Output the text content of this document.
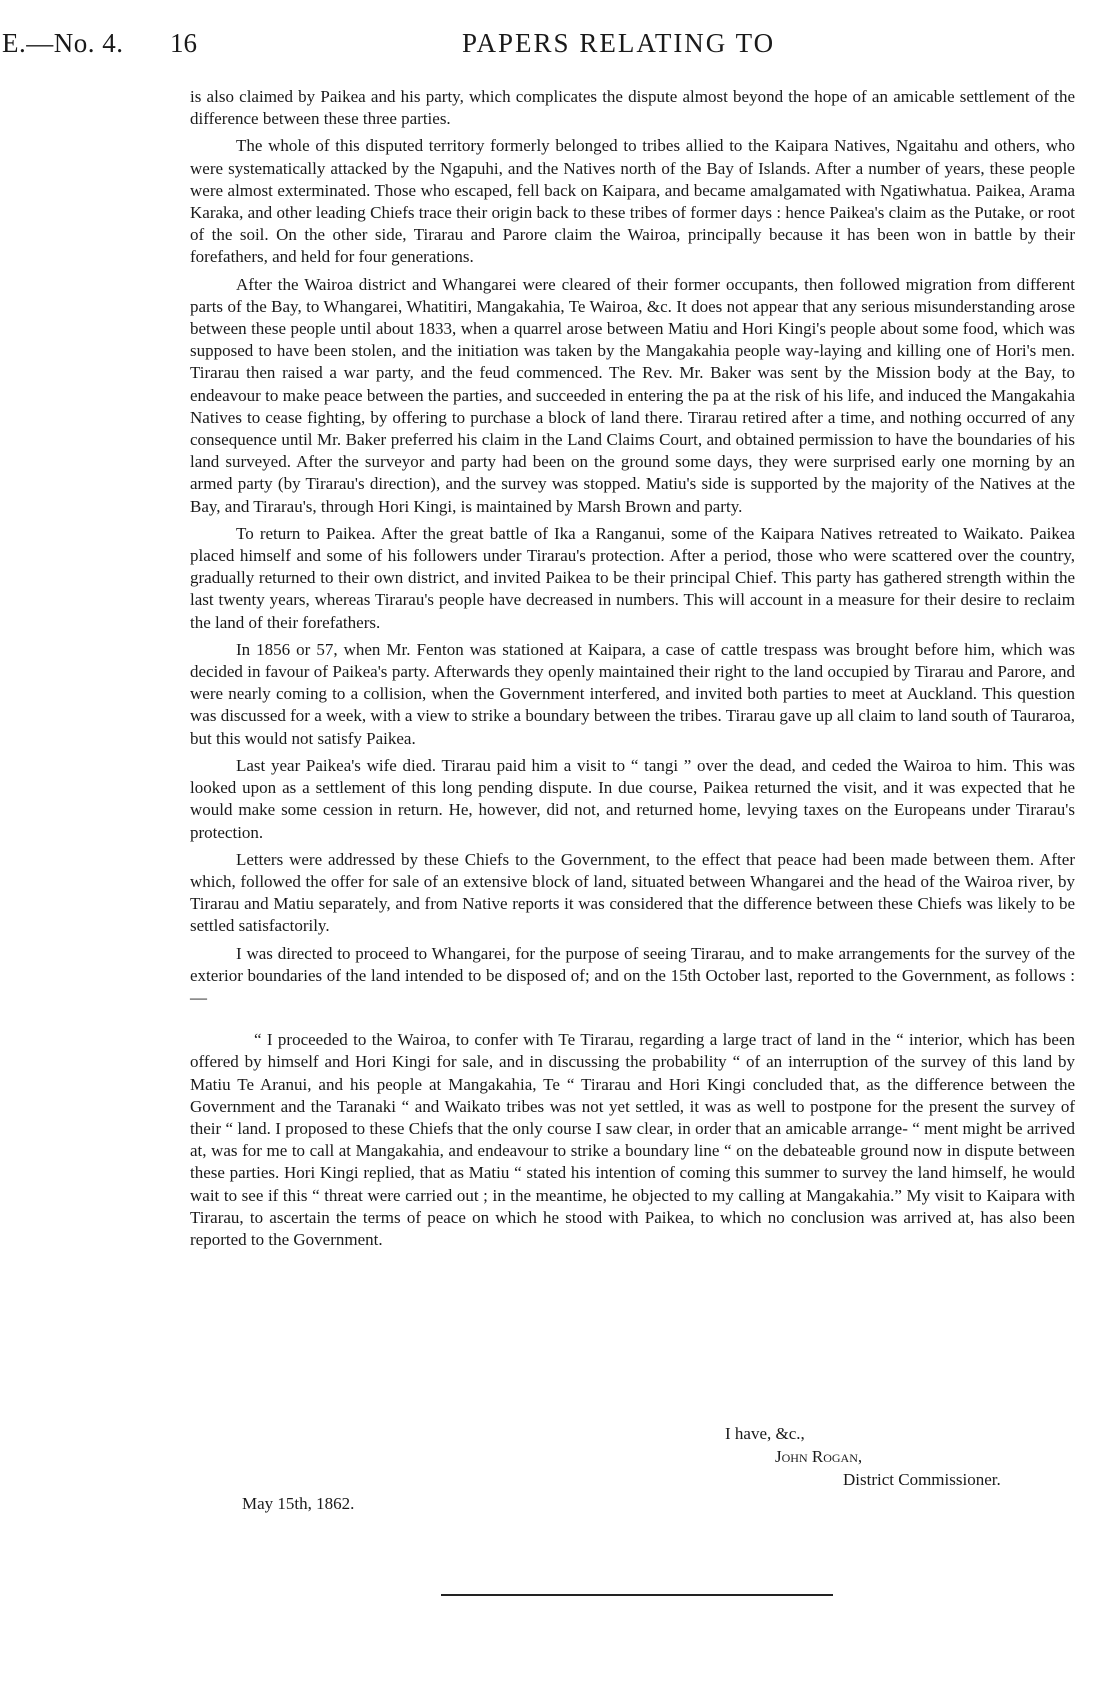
E.—No. 4. 16	PAPERS RELATING TO

is also claimed by Paikea and his party, which complicates the dispute almost beyond the hope of an amicable settlement of the difference between these three parties.

The whole of this disputed territory formerly belonged to tribes allied to the Kaipara Natives, Ngaitahu and others, who were systematically attacked by the Ngapuhi, and the Natives north of the Bay of Islands. After a number of years, these people were almost exterminated. Those who escaped, fell back on Kaipara, and became amalgamated with Ngatiwhatua. Paikea, Arama Karaka, and other leading Chiefs trace their origin back to these tribes of former days : hence Paikea's claim as the Putake, or root of the soil. On the other side, Tirarau and Parore claim the Wairoa, principally because it has been won in battle by their forefathers, and held for four generations.

After the Wairoa district and Whangarei were cleared of their former occupants, then followed migration from different parts of the Bay, to Whangarei, Whatitiri, Mangakahia, Te Wairoa, &c. It does not appear that any serious misunderstanding arose between these people until about 1833, when a quarrel arose between Matiu and Hori Kingi's people about some food, which was supposed to have been stolen, and the initiation was taken by the Mangakahia people way-laying and killing one of Hori's men. Tirarau then raised a war party, and the feud commenced. The Rev. Mr. Baker was sent by the Mission body at the Bay, to endeavour to make peace between the parties, and succeeded in entering the pa at the risk of his life, and induced the Mangakahia Natives to cease fighting, by offering to purchase a block of land there. Tirarau retired after a time, and nothing occurred of any consequence until Mr. Baker preferred his claim in the Land Claims Court, and obtained permission to have the boundaries of his land surveyed. After the surveyor and party had been on the ground some days, they were surprised early one morning by an armed party (by Tirarau's direction), and the survey was stopped. Matiu's side is supported by the majority of the Natives at the Bay, and Tirarau's, through Hori Kingi, is maintained by Marsh Brown and party.

To return to Paikea. After the great battle of Ika a Ranganui, some of the Kaipara Natives retreated to Waikato. Paikea placed himself and some of his followers under Tirarau's protection. After a period, those who were scattered over the country, gradually returned to their own district, and invited Paikea to be their principal Chief. This party has gathered strength within the last twenty years, whereas Tirarau's people have decreased in numbers. This will account in a measure for their desire to reclaim the land of their forefathers.

In 1856 or 57, when Mr. Fenton was stationed at Kaipara, a case of cattle trespass was brought before him, which was decided in favour of Paikea's party. Afterwards they openly maintained their right to the land occupied by Tirarau and Parore, and were nearly coming to a collision, when the Government interfered, and invited both parties to meet at Auckland. This question was discussed for a week, with a view to strike a boundary between the tribes. Tirarau gave up all claim to land south of Tauraroa, but this would not satisfy Paikea.

Last year Paikea's wife died. Tirarau paid him a visit to “ tangi ” over the dead, and ceded the Wairoa to him. This was looked upon as a settlement of this long pending dispute. In due course, Paikea returned the visit, and it was expected that he would make some cession in return. He, however, did not, and returned home, levying taxes on the Europeans under Tirarau's protection.

Letters were addressed by these Chiefs to the Government, to the effect that peace had been made between them. After which, followed the offer for sale of an extensive block of land, situated between Whangarei and the head of the Wairoa river, by Tirarau and Matiu separately, and from Native reports it was considered that the difference between these Chiefs was likely to be settled satisfactorily.

I was directed to proceed to Whangarei, for the purpose of seeing Tirarau, and to make arrangements for the survey of the exterior boundaries of the land intended to be disposed of; and on the 15th October last, reported to the Government, as follows :—

“ I proceeded to the Wairoa, to confer with Te Tirarau, regarding a large tract of land in the “ interior, which has been offered by himself and Hori Kingi for sale, and in discussing the probability “ of an interruption of the survey of this land by Matiu Te Aranui, and his people at Mangakahia, Te “ Tirarau and Hori Kingi concluded that, as the difference between the Government and the Taranaki “ and Waikato tribes was not yet settled, it was as well to postpone for the present the survey of their “ land. I proposed to these Chiefs that the only course I saw clear, in order that an amicable arrange- “ ment might be arrived at, was for me to call at Mangakahia, and endeavour to strike a boundary line “ on the debateable ground now in dispute between these parties. Hori Kingi replied, that as Matiu “ stated his intention of coming this summer to survey the land himself, he would wait to see if this “ threat were carried out ; in the meantime, he objected to my calling at Mangakahia.” My visit to Kaipara with Tirarau, to ascertain the terms of peace on which he stood with Paikea, to which no conclusion was arrived at, has also been reported to the Government.

I have, &c.,
John Rogan,
District Commissioner.
May 15th, 1862.
